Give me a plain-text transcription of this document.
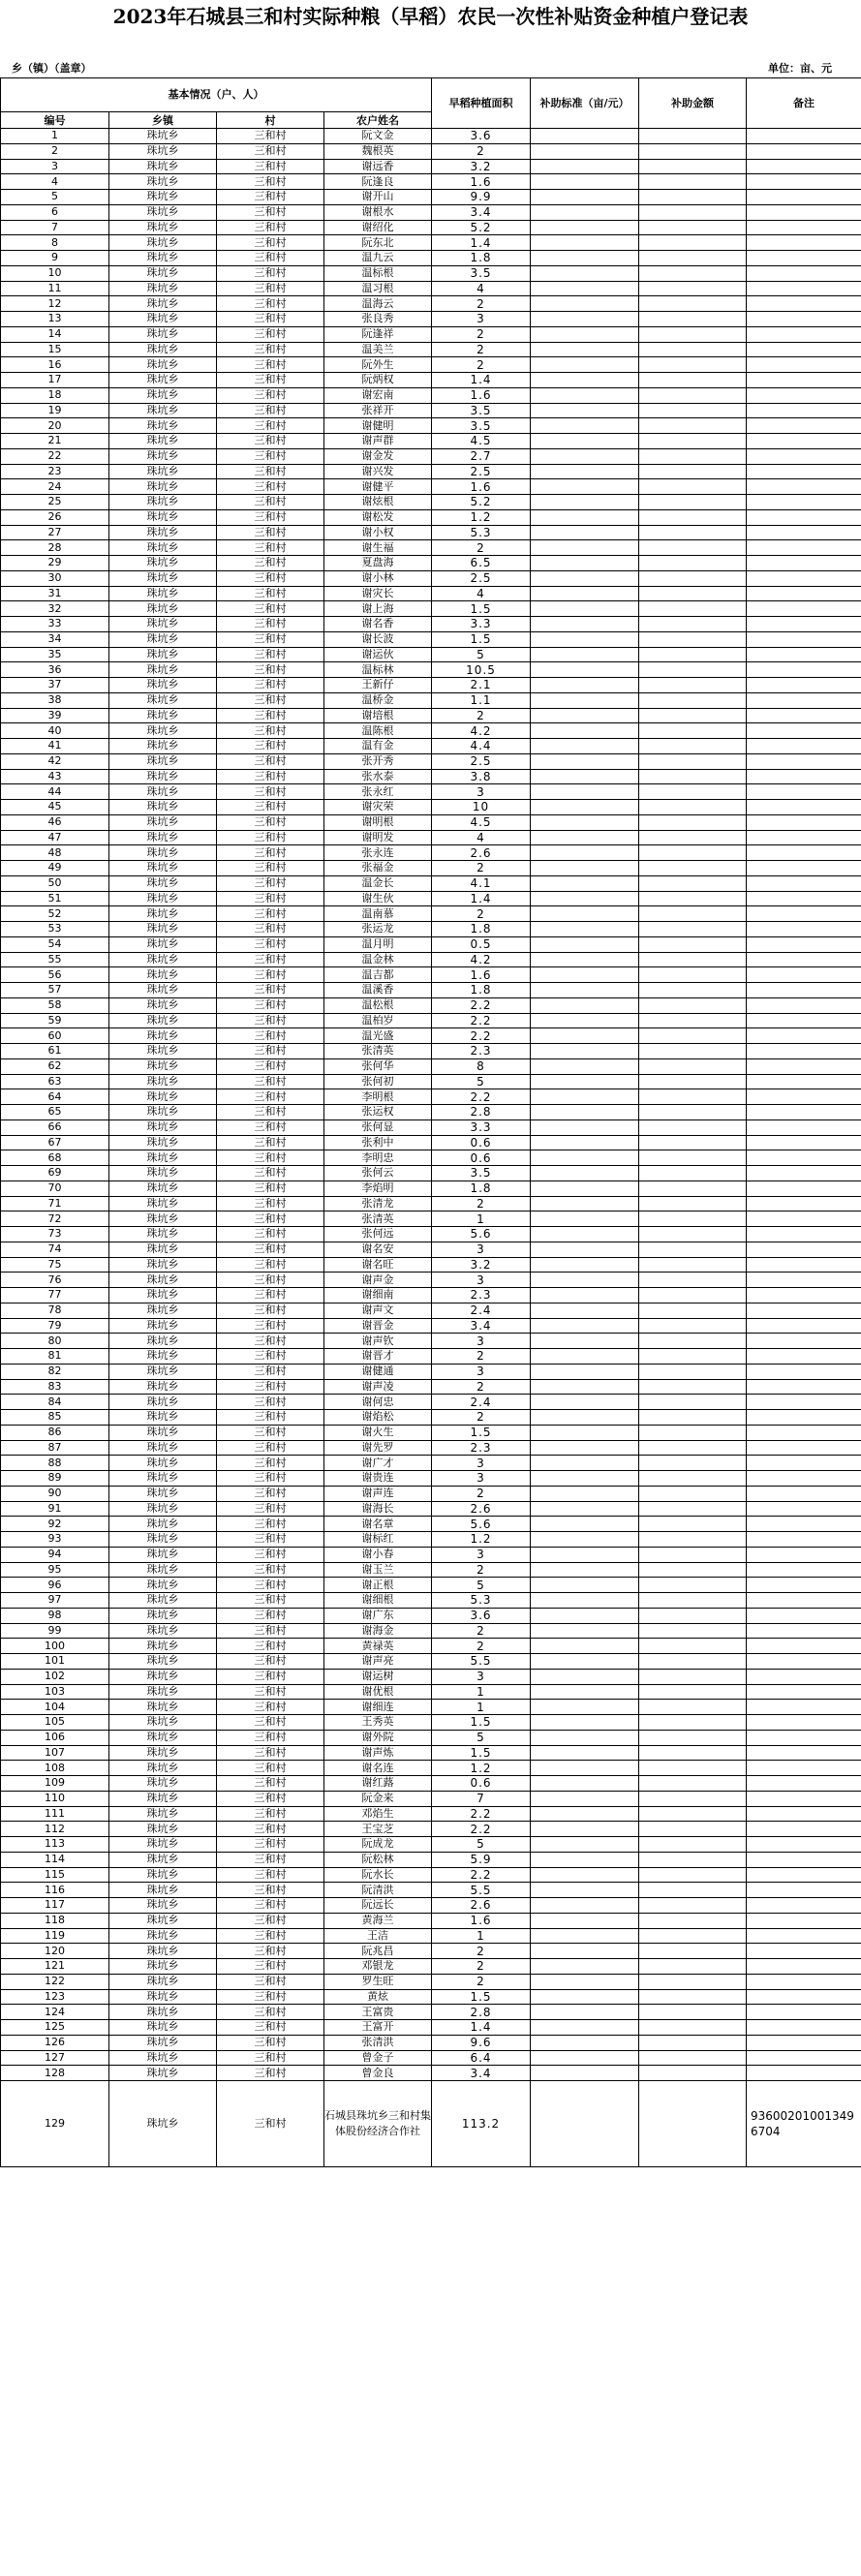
2023年石城县三和村实际种粮（早稻）农民一次性补贴资金种植户登记表
乡（镇）（盖章）	单位：亩、元
基本情况（户、人）				早稻种植面积	补助标准（亩/元）	补助金额	备注
编号	乡镇	村	农户姓名				
1	珠坑乡	三和村	阮文金	3.6			
2	珠坑乡	三和村	魏根英	2			
3	珠坑乡	三和村	谢远香	3.2			
4	珠坑乡	三和村	阮逢良	1.6			
5	珠坑乡	三和村	谢开山	9.9			
6	珠坑乡	三和村	谢根水	3.4			
7	珠坑乡	三和村	谢绍化	5.2			
8	珠坑乡	三和村	阮东北	1.4			
9	珠坑乡	三和村	温九云	1.8			
10	珠坑乡	三和村	温标根	3.5			
11	珠坑乡	三和村	温习根	4			
12	珠坑乡	三和村	温海云	2			
13	珠坑乡	三和村	张良秀	3			
14	珠坑乡	三和村	阮逢祥	2			
15	珠坑乡	三和村	温美兰	2			
16	珠坑乡	三和村	阮外生	2			
17	珠坑乡	三和村	阮炳权	1.4			
18	珠坑乡	三和村	谢宏南	1.6			
19	珠坑乡	三和村	张祥开	3.5			
20	珠坑乡	三和村	谢健明	3.5			
21	珠坑乡	三和村	谢声群	4.5			
22	珠坑乡	三和村	谢金发	2.7			
23	珠坑乡	三和村	谢兴发	2.5			
24	珠坑乡	三和村	谢健平	1.6			
25	珠坑乡	三和村	谢炫根	5.2			
26	珠坑乡	三和村	谢松发	1.2			
27	珠坑乡	三和村	谢小权	5.3			
28	珠坑乡	三和村	谢生福	2			
29	珠坑乡	三和村	夏盘海	6.5			
30	珠坑乡	三和村	谢小林	2.5			
31	珠坑乡	三和村	谢灾长	4			
32	珠坑乡	三和村	谢上海	1.5			
33	珠坑乡	三和村	谢名香	3.3			
34	珠坑乡	三和村	谢长波	1.5			
35	珠坑乡	三和村	谢运伙	5			
36	珠坑乡	三和村	温标林	10.5			
37	珠坑乡	三和村	王新仔	2.1			
38	珠坑乡	三和村	温桥金	1.1			
39	珠坑乡	三和村	谢培根	2			
40	珠坑乡	三和村	温陈根	4.2			
41	珠坑乡	三和村	温有金	4.4			
42	珠坑乡	三和村	张开秀	2.5			
43	珠坑乡	三和村	张水泰	3.8			
44	珠坑乡	三和村	张永红	3			
45	珠坑乡	三和村	谢灾荣	10			
46	珠坑乡	三和村	谢明根	4.5			
47	珠坑乡	三和村	谢明发	4			
48	珠坑乡	三和村	张永连	2.6			
49	珠坑乡	三和村	张福金	2			
50	珠坑乡	三和村	温金长	4.1			
51	珠坑乡	三和村	谢生伙	1.4			
52	珠坑乡	三和村	温南慕	2			
53	珠坑乡	三和村	张运龙	1.8			
54	珠坑乡	三和村	温月明	0.5			
55	珠坑乡	三和村	温金林	4.2			
56	珠坑乡	三和村	温吉都	1.6			
57	珠坑乡	三和村	温溪香	1.8			
58	珠坑乡	三和村	温松根	2.2			
59	珠坑乡	三和村	温柏岁	2.2			
60	珠坑乡	三和村	温光盛	2.2			
61	珠坑乡	三和村	张清英	2.3			
62	珠坑乡	三和村	张何华	8			
63	珠坑乡	三和村	张何初	5			
64	珠坑乡	三和村	李明根	2.2			
65	珠坑乡	三和村	张运权	2.8			
66	珠坑乡	三和村	张何显	3.3			
67	珠坑乡	三和村	张利中	0.6			
68	珠坑乡	三和村	李明忠	0.6			
69	珠坑乡	三和村	张何云	3.5			
70	珠坑乡	三和村	李焰明	1.8			
71	珠坑乡	三和村	张清龙	2			
72	珠坑乡	三和村	张清英	1			
73	珠坑乡	三和村	张何远	5.6			
74	珠坑乡	三和村	谢名安	3			
75	珠坑乡	三和村	谢名旺	3.2			
76	珠坑乡	三和村	谢声金	3			
77	珠坑乡	三和村	谢细南	2.3			
78	珠坑乡	三和村	谢声文	2.4			
79	珠坑乡	三和村	谢晋金	3.4			
80	珠坑乡	三和村	谢声钦	3			
81	珠坑乡	三和村	谢晋才	2			
82	珠坑乡	三和村	谢健通	3			
83	珠坑乡	三和村	谢声凌	2			
84	珠坑乡	三和村	谢何忠	2.4			
85	珠坑乡	三和村	谢焰松	2			
86	珠坑乡	三和村	谢火生	1.5			
87	珠坑乡	三和村	谢先罗	2.3			
88	珠坑乡	三和村	谢广才	3			
89	珠坑乡	三和村	谢贵连	3			
90	珠坑乡	三和村	谢声连	2			
91	珠坑乡	三和村	谢海长	2.6			
92	珠坑乡	三和村	谢名章	5.6			
93	珠坑乡	三和村	谢标红	1.2			
94	珠坑乡	三和村	谢小春	3			
95	珠坑乡	三和村	谢玉兰	2			
96	珠坑乡	三和村	谢正根	5			
97	珠坑乡	三和村	谢细根	5.3			
98	珠坑乡	三和村	谢广东	3.6			
99	珠坑乡	三和村	谢海金	2			
100	珠坑乡	三和村	黄禄英	2			
101	珠坑乡	三和村	谢声亮	5.5			
102	珠坑乡	三和村	谢运树	3			
103	珠坑乡	三和村	谢优根	1			
104	珠坑乡	三和村	谢细连	1			
105	珠坑乡	三和村	王秀英	1.5			
106	珠坑乡	三和村	谢外院	5			
107	珠坑乡	三和村	谢声炼	1.5			
108	珠坑乡	三和村	谢名连	1.2			
109	珠坑乡	三和村	谢红蕗	0.6			
110	珠坑乡	三和村	阮金来	7			
111	珠坑乡	三和村	邓焰生	2.2			
112	珠坑乡	三和村	王宝芝	2.2			
113	珠坑乡	三和村	阮成龙	5			
114	珠坑乡	三和村	阮松林	5.9			
115	珠坑乡	三和村	阮水长	2.2			
116	珠坑乡	三和村	阮清洪	5.5			
117	珠坑乡	三和村	阮远长	2.6			
118	珠坑乡	三和村	黄海兰	1.6			
119	珠坑乡	三和村	王洁	1			
120	珠坑乡	三和村	阮兆昌	2			
121	珠坑乡	三和村	邓银龙	2			
122	珠坑乡	三和村	罗生旺	2			
123	珠坑乡	三和村	黄炫	1.5			
124	珠坑乡	三和村	王富贵	2.8			
125	珠坑乡	三和村	王富开	1.4			
126	珠坑乡	三和村	张清洪	9.6			
127	珠坑乡	三和村	曾金子	6.4			
128	珠坑乡	三和村	曾金良	3.4			
129	珠坑乡	三和村	石城县珠坑乡三和村集体股份经济合作社	113.2			936002010013496704
